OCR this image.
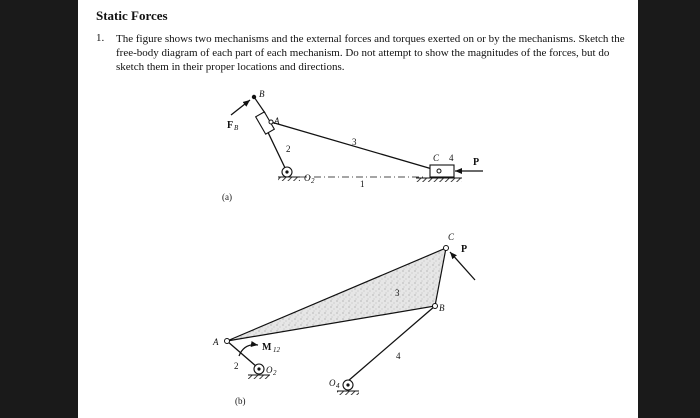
Static Forces
1. The figure shows two mechanisms and the external forces and torques exerted on or by the mechanisms. Sketch the free-body diagram of each part of each mechanism. Do not attempt to show the magnitudes of the forces, but do sketch them in their proper locations and directions.
B
A
C 4
3
2
1
P
F B
O 2
(a)
C
P
3
B
4
A	M 12
2	O 2
O 4
(b)
